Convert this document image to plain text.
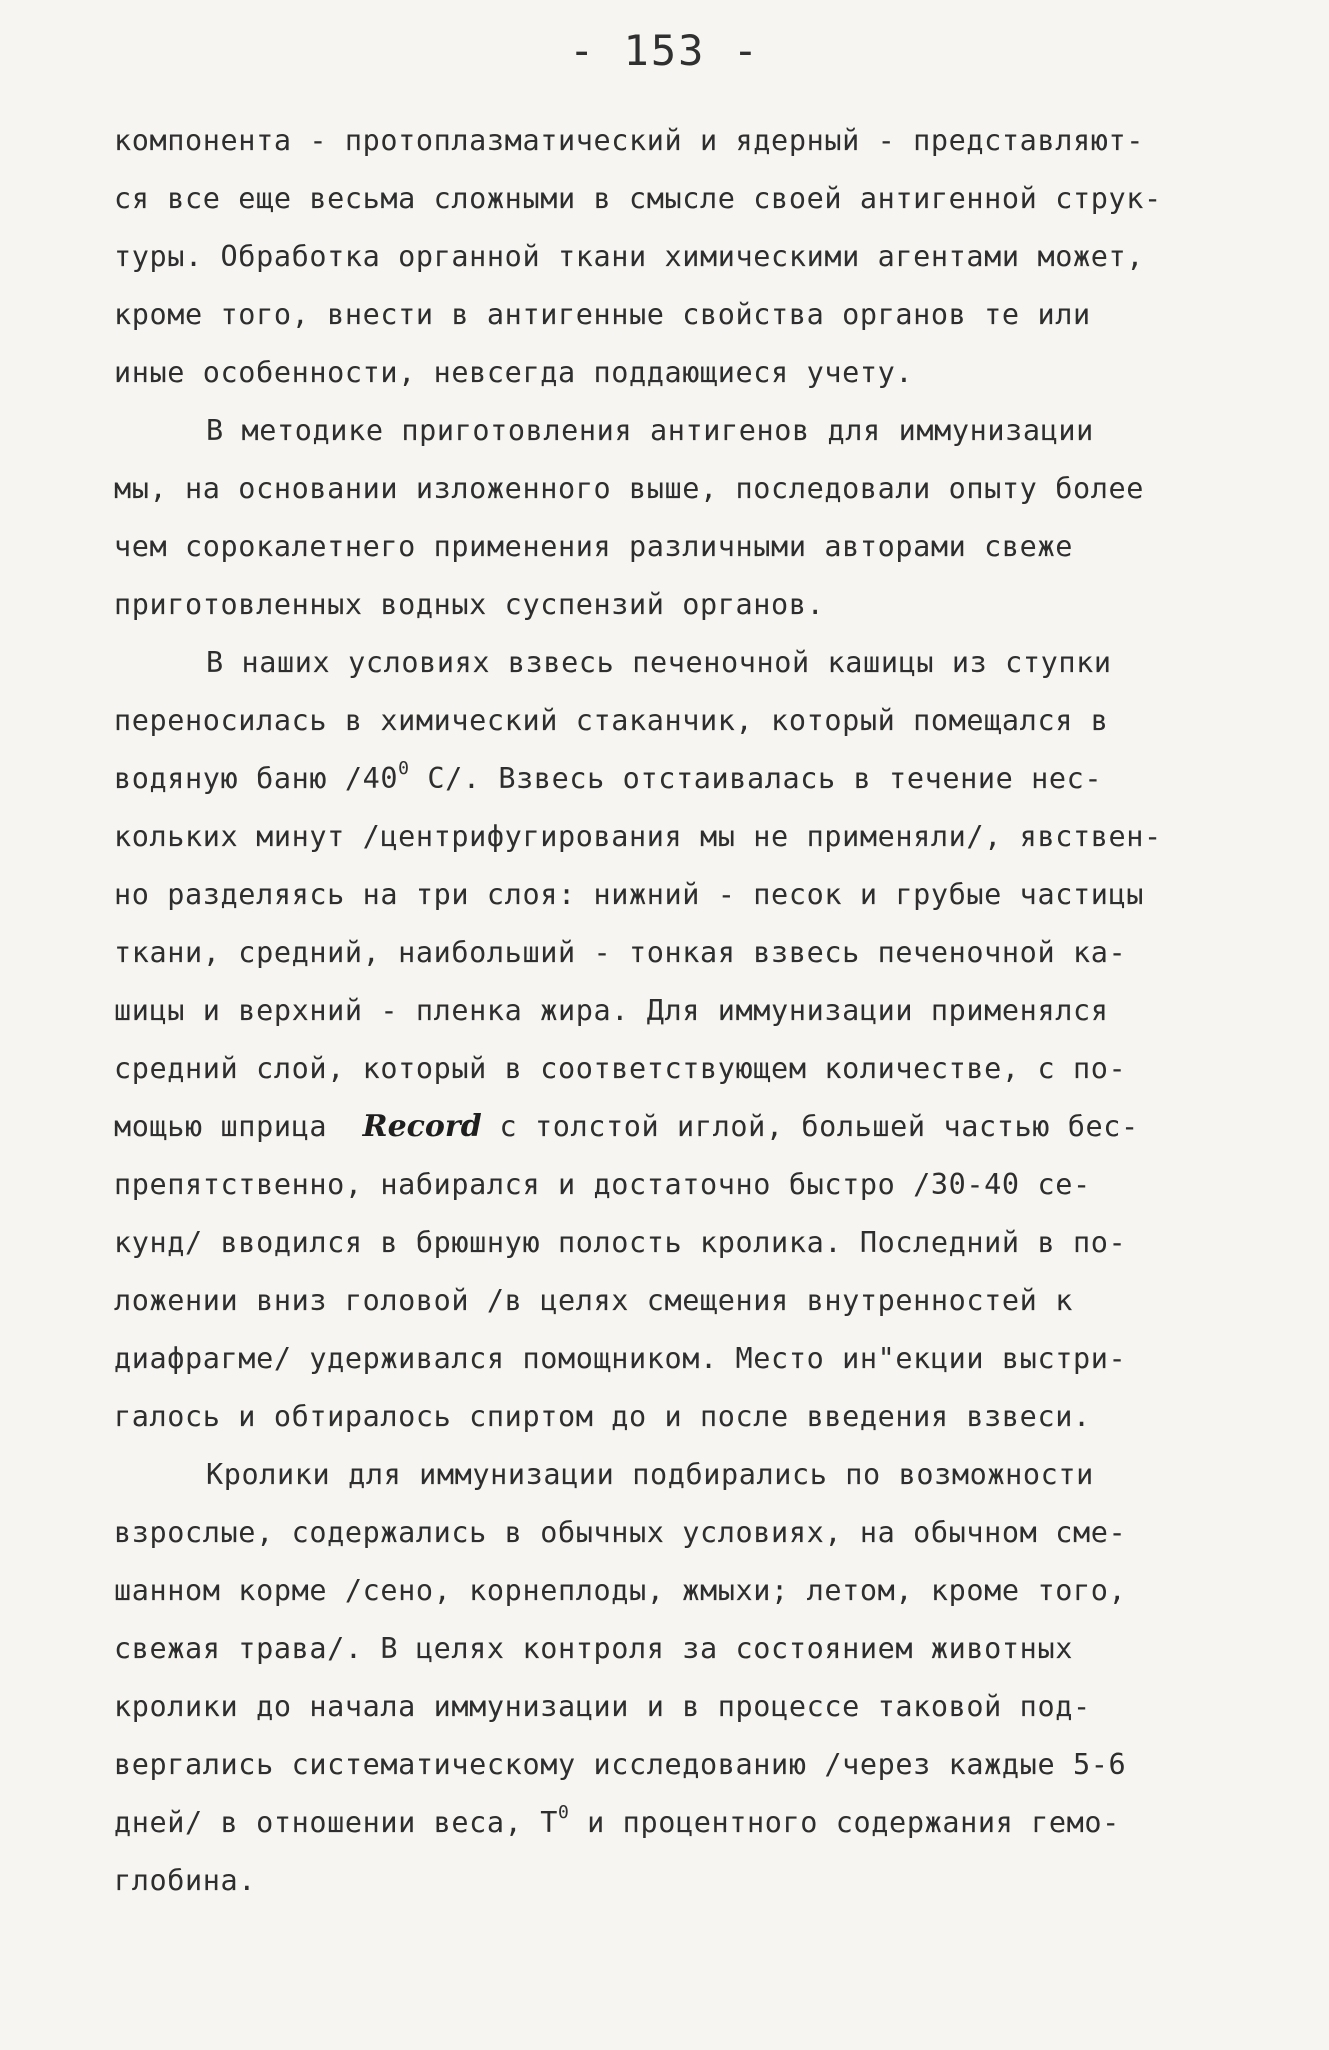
- 153 -
компонента - протоплазматический и ядерный - представляют-
ся все еще весьма сложными в смысле своей антигенной струк-
туры. Обработка органной ткани химическими агентами может,
кроме того, внести в антигенные свойства органов те или
иные особенности, невсегда поддающиеся учету.
В методике приготовления антигенов для иммунизации
мы, на основании изложенного выше, последовали опыту более
чем сорокалетнего применения различными авторами свеже
приготовленных водных суспензий органов.
В наших условиях взвесь печеночной кашицы из ступки
переносилась в химический стаканчик, который помещался в
водяную баню $/40^0$ С/. Взвесь отстаивалась в течение нес-
кольких минут /центрифугирования мы не применяли/, явствен-
но разделяясь на три слоя: нижний - песок и грубые частицы
ткани, средний, наибольший - тонкая взвесь печеночной ка-
шицы и верхний - пленка жира. Для иммунизации применялся
средний слой, который в соответствующем количестве, с по-
мощью шприца Record с толстой иглой, большей частью бес-
препятственно, набирался и достаточно быстро /30-40 се-
кунд/ вводился в брюшную полость кролика. Последний в по-
ложении вниз головой /в целях смещения внутренностей к
диафрагме/ удерживался помощником. Место ин"екции выстри-
галось и обтиралось спиртом до и после введения взвеси.
Кролики для иммунизации подбирались по возможности
взрослые, содержались в обычных условиях, на обычном сме-
шанном корме /сено, корнеплоды, жмыхи; летом, кроме того,
свежая трава/. В целях контроля за состоянием животных
кролики до начала иммунизации и в процессе таковой под-
вергались систематическому исследованию /через каждые 5-6
дней/ в отношении веса, $Т^0$ и процентного содержания гемо-
глобина.
